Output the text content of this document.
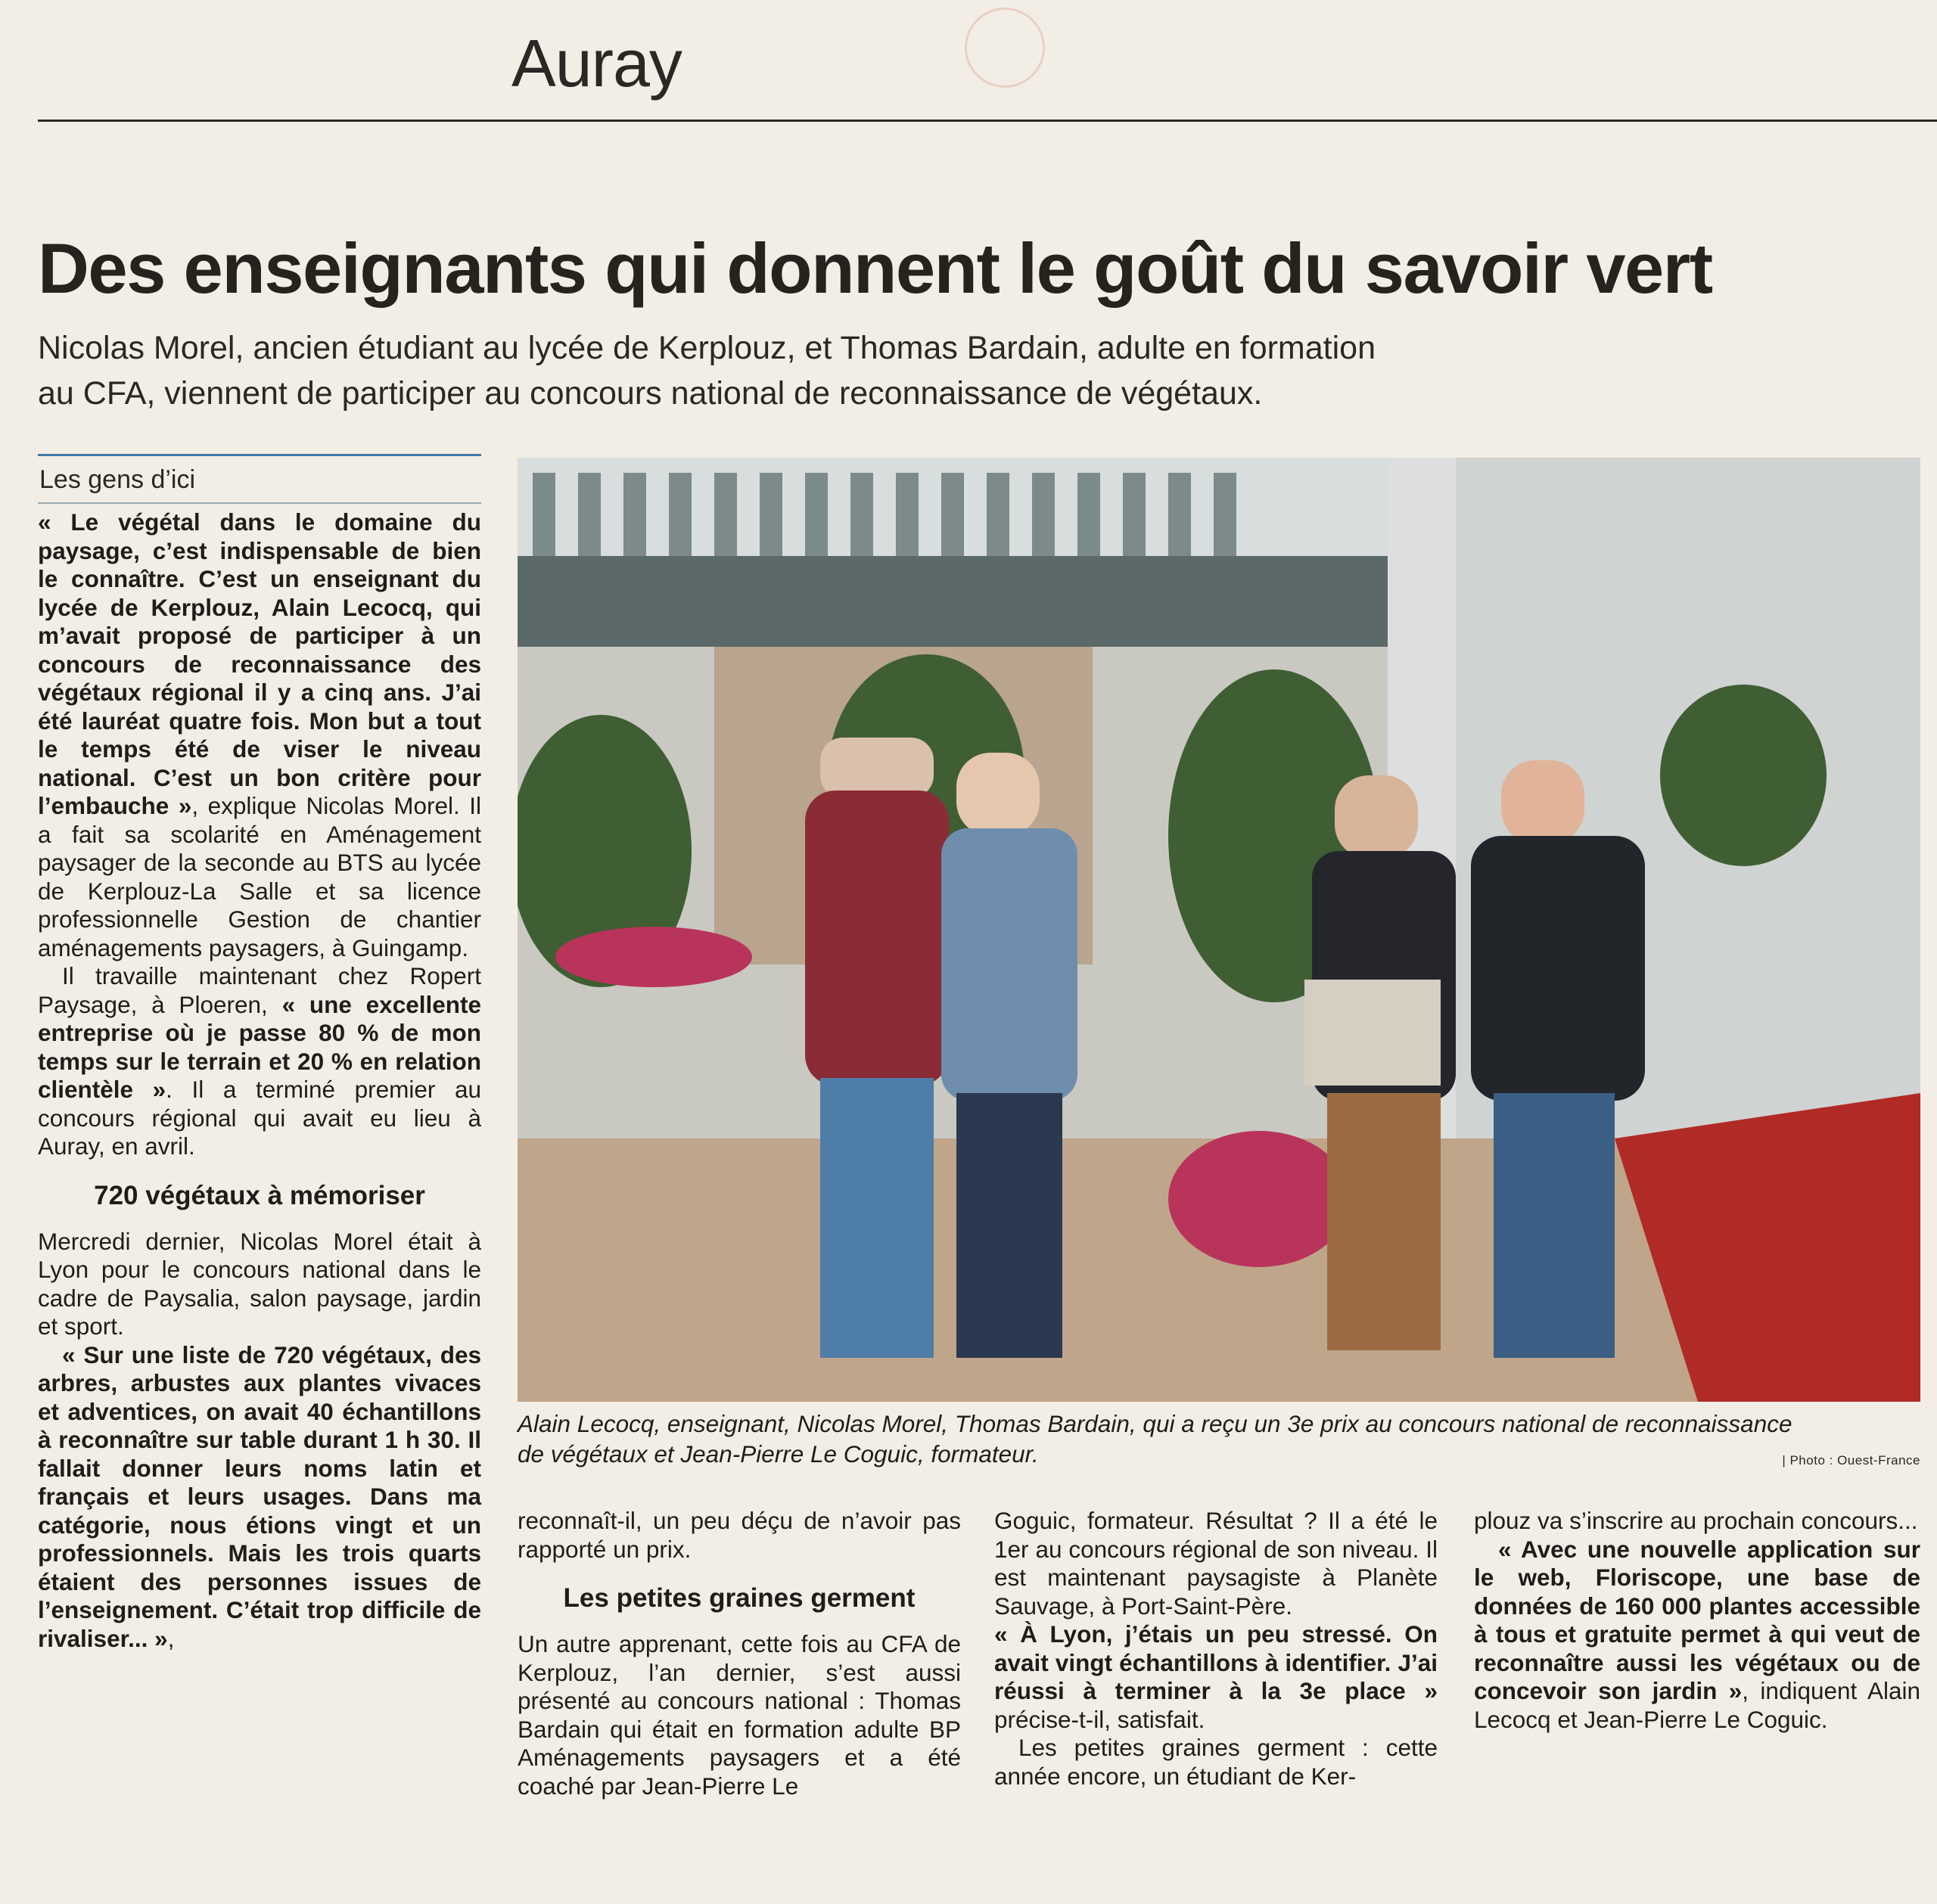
Auray
Des enseignants qui donnent le goût du savoir vert

Nicolas Morel, ancien étudiant au lycée de Kerplouz, et Thomas Bardain, adulte en formation
au CFA, viennent de participer au concours national de reconnaissance de végétaux.

Les gens d’ici

« Le végétal dans le domaine du paysage, c’est indispensable de bien le connaître. C’est un enseignant du lycée de Kerplouz, Alain Lecocq, qui m’avait proposé de participer à un concours de reconnaissance des végétaux régional il y a cinq ans. J’ai été lauréat quatre fois. Mon but a tout le temps été de viser le niveau national. C’est un bon critère pour l’embauche », explique Nicolas Morel. Il a fait sa scolarité en Aménagement paysager de la seconde au BTS au lycée de Kerplouz-La Salle et sa licence professionnelle Gestion de chantier aménagements paysagers, à Guingamp.

Il travaille maintenant chez Ropert Paysage, à Ploeren, « une excellente entreprise où je passe 80 % de mon temps sur le terrain et 20 % en relation clientèle ». Il a terminé premier au concours régional qui avait eu lieu à Auray, en avril.

720 végétaux à mémoriser

Mercredi dernier, Nicolas Morel était à Lyon pour le concours national dans le cadre de Paysalia, salon paysage, jardin et sport.

« Sur une liste de 720 végétaux, des arbres, arbustes aux plantes vivaces et adventices, on avait 40 échantillons à reconnaître sur table durant 1 h 30. Il fallait donner leurs noms latin et français et leurs usages. Dans ma catégorie, nous étions vingt et un professionnels. Mais les trois quarts étaient des personnes issues de l’enseignement. C’était trop difficile de rivaliser... »,

Alain Lecocq, enseignant, Nicolas Morel, Thomas Bardain, qui a reçu un 3e prix au concours national de reconnaissance
de végétaux et Jean-Pierre Le Coguic, formateur.	| Photo : Ouest-France

reconnaît-il, un peu déçu de n’avoir pas rapporté un prix.

Les petites graines germent

Un autre apprenant, cette fois au CFA de Kerplouz, l’an dernier, s’est aussi présenté au concours national : Thomas Bardain qui était en formation adulte BP Aménagements paysagers et a été coaché par Jean-Pierre Le

Goguic, formateur. Résultat ? Il a été le 1er au concours régional de son niveau. Il est maintenant paysagiste à Planète Sauvage, à Port-Saint-Père.

« À Lyon, j’étais un peu stressé. On avait vingt échantillons à identifier. J’ai réussi à terminer à la 3e place » précise-t-il, satisfait.

Les petites graines germent : cette année encore, un étudiant de Ker-

plouz va s’inscrire au prochain concours...

« Avec une nouvelle application sur le web, Floriscope, une base de données de 160 000 plantes accessible à tous et gratuite permet à qui veut de reconnaître aussi les végétaux ou de concevoir son jardin », indiquent Alain Lecocq et Jean-Pierre Le Coguic.
